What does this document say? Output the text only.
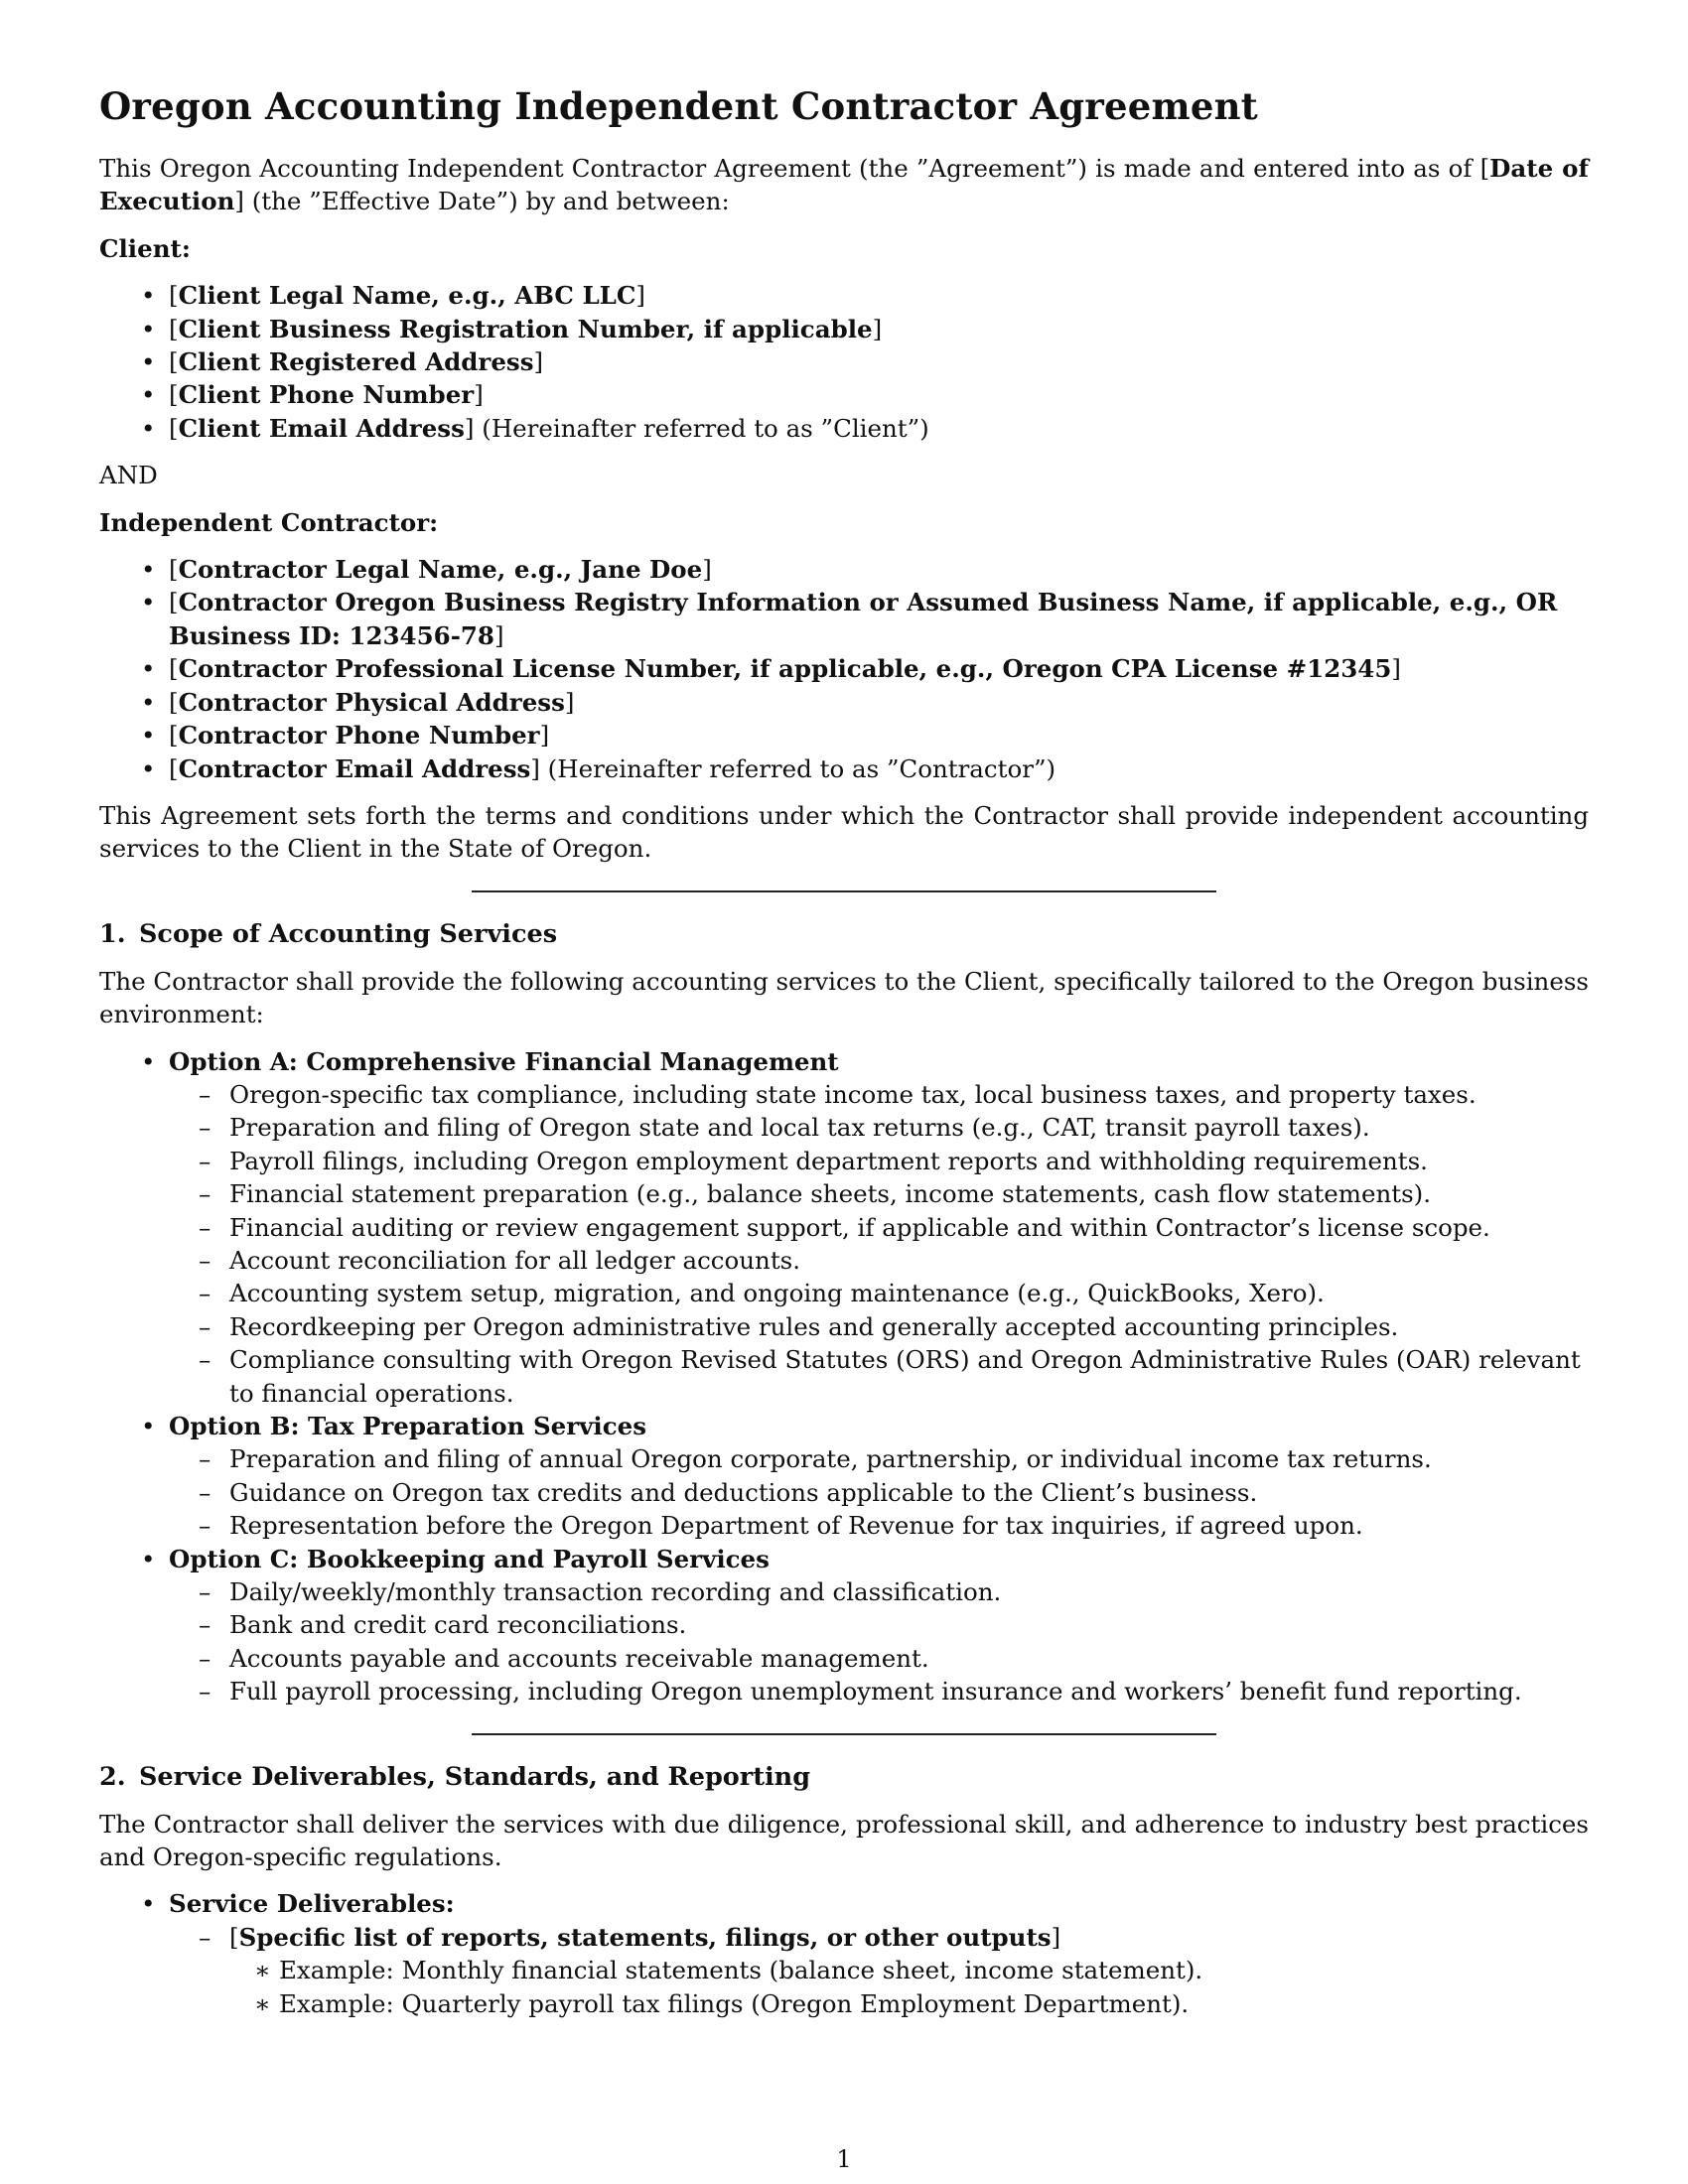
Oregon Accounting Independent Contractor Agreement

This Oregon Accounting Independent Contractor Agreement (the ”Agreement”) is made and entered into as of [Date of Execution] (the ”Effective Date”) by and between:

Client:

• [Client Legal Name, e.g., ABC LLC]
• [Client Business Registration Number, if applicable]
• [Client Registered Address]
• [Client Phone Number]
• [Client Email Address] (Hereinafter referred to as ”Client”)

AND

Independent Contractor:

• [Contractor Legal Name, e.g., Jane Doe]
• [Contractor Oregon Business Registry Information or Assumed Business Name, if applicable, e.g., OR Business ID: 123456-78]
• [Contractor Professional License Number, if applicable, e.g., Oregon CPA License #12345]
• [Contractor Physical Address]
• [Contractor Phone Number]
• [Contractor Email Address] (Hereinafter referred to as ”Contractor”)

This Agreement sets forth the terms and conditions under which the Contractor shall provide independent accounting services to the Client in the State of Oregon.

1. Scope of Accounting Services

The Contractor shall provide the following accounting services to the Client, specifically tailored to the Oregon business environment:

• Option A: Comprehensive Financial Management
– Oregon-specific tax compliance, including state income tax, local business taxes, and property taxes.
– Preparation and filing of Oregon state and local tax returns (e.g., CAT, transit payroll taxes).
– Payroll filings, including Oregon employment department reports and withholding requirements.
– Financial statement preparation (e.g., balance sheets, income statements, cash flow statements).
– Financial auditing or review engagement support, if applicable and within Contractor’s license scope.
– Account reconciliation for all ledger accounts.
– Accounting system setup, migration, and ongoing maintenance (e.g., QuickBooks, Xero).
– Recordkeeping per Oregon administrative rules and generally accepted accounting principles.
– Compliance consulting with Oregon Revised Statutes (ORS) and Oregon Administrative Rules (OAR) relevant to financial operations.
• Option B: Tax Preparation Services
– Preparation and filing of annual Oregon corporate, partnership, or individual income tax returns.
– Guidance on Oregon tax credits and deductions applicable to the Client’s business.
– Representation before the Oregon Department of Revenue for tax inquiries, if agreed upon.
• Option C: Bookkeeping and Payroll Services
– Daily/weekly/monthly transaction recording and classification.
– Bank and credit card reconciliations.
– Accounts payable and accounts receivable management.
– Full payroll processing, including Oregon unemployment insurance and workers’ benefit fund reporting.
2. Service Deliverables, Standards, and Reporting

The Contractor shall deliver the services with due diligence, professional skill, and adherence to industry best practices and Oregon-specific regulations.

• Service Deliverables:
– [Specific list of reports, statements, filings, or other outputs]
∗ Example: Monthly financial statements (balance sheet, income statement).
∗ Example: Quarterly payroll tax filings (Oregon Employment Department).
1
